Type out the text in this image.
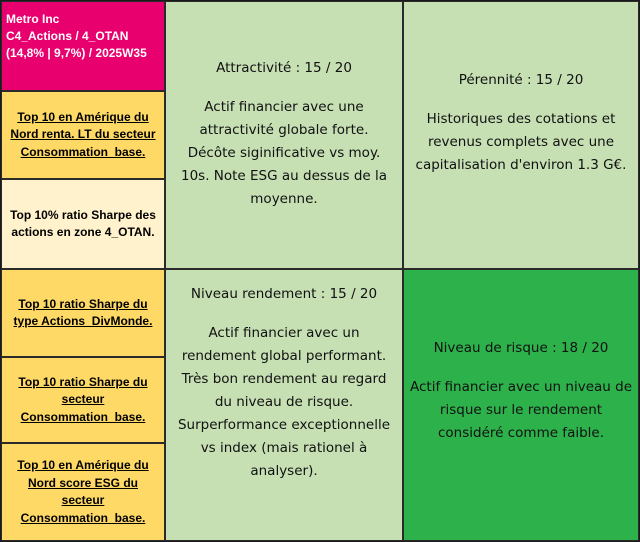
Metro Inc
C4_Actions / 4_OTAN
(14,8% | 9,7%) / 2025W35
Top 10 en Amérique du Nord renta. LT du secteur Consommation_base.
Top 10% ratio Sharpe des actions en zone 4_OTAN.
Top 10 ratio Sharpe du type Actions_DivMonde.
Top 10 ratio Sharpe du secteur Consommation_base.
Top 10 en Amérique du Nord score ESG du secteur Consommation_base.
Attractivité : 15 / 20
Actif financier avec une attractivité globale forte. Décôte siginificative vs moy. 10s. Note ESG au dessus de la moyenne.
Pérennité : 15 / 20
Historiques des cotations et revenus complets avec une capitalisation d'environ 1.3 G€.
Niveau rendement : 15 / 20
Actif financier avec un rendement global performant. Très bon rendement au regard du niveau de risque. Surperformance exceptionnelle vs index (mais rationel à analyser).
Niveau de risque : 18 / 20
Actif financier avec un niveau de risque sur le rendement considéré comme faible.
